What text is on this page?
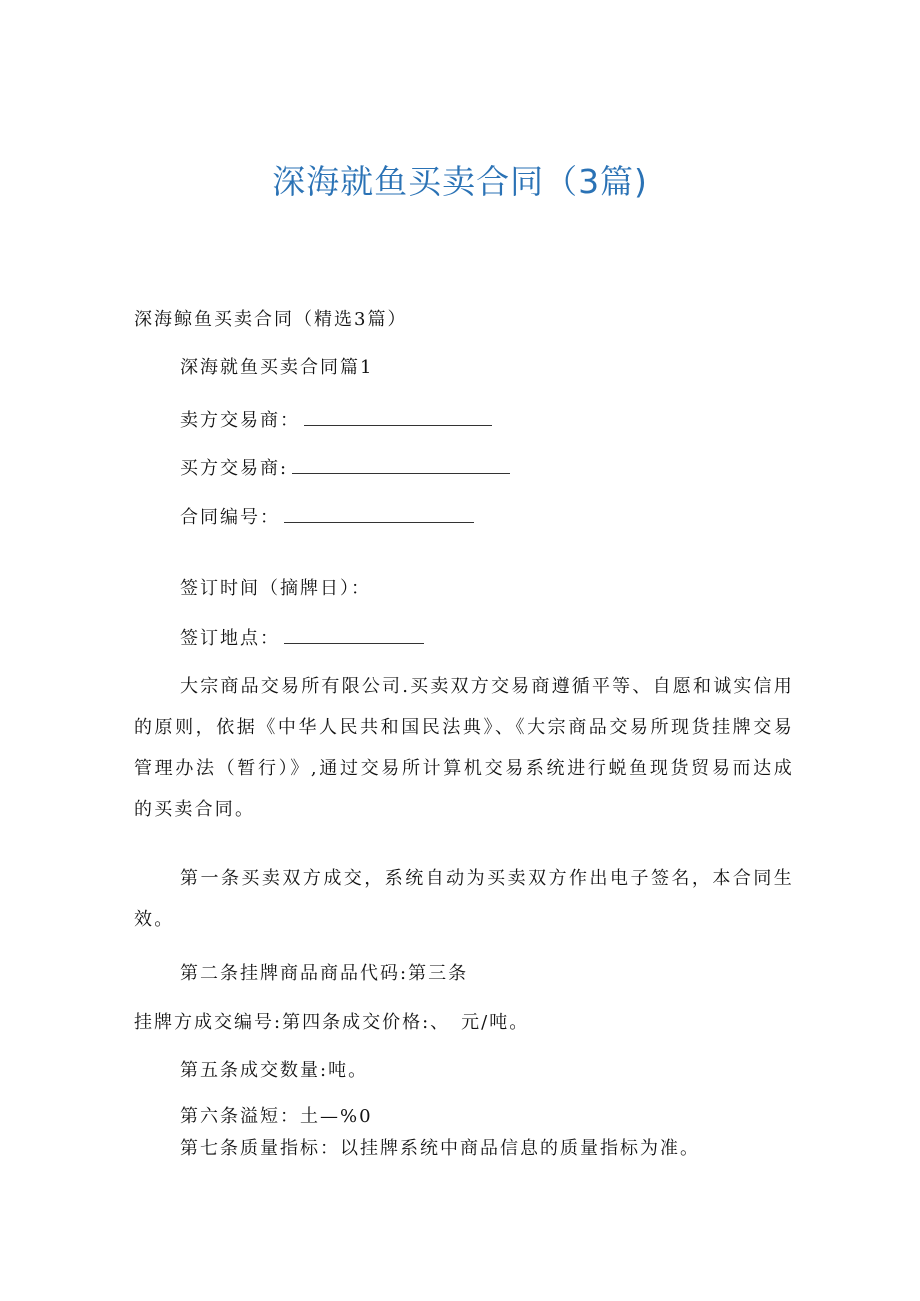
深海就鱼买卖合同（3篇)
深海鲸鱼买卖合同（精选3篇）
深海就鱼买卖合同篇1
卖方交易商：
买方交易商:
合同编号：
签订时间（摘牌日）：
签订地点：
大宗商品交易所有限公司.买卖双方交易商遵循平等、自愿和诚实信用的原则，依据《中华人民共和国民法典》、《大宗商品交易所现货挂牌交易管理办法（暂行）》,通过交易所计算机交易系统进行蜕鱼现货贸易而达成的买卖合同。
第一条买卖双方成交，系统自动为买卖双方作出电子签名，本合同生效。
第二条挂牌商品商品代码:第三条
挂牌方成交编号:第四条成交价格:、　元/吨。
第五条成交数量:吨。
第六条溢短：土—%0
第七条质量指标：以挂牌系统中商品信息的质量指标为准。
